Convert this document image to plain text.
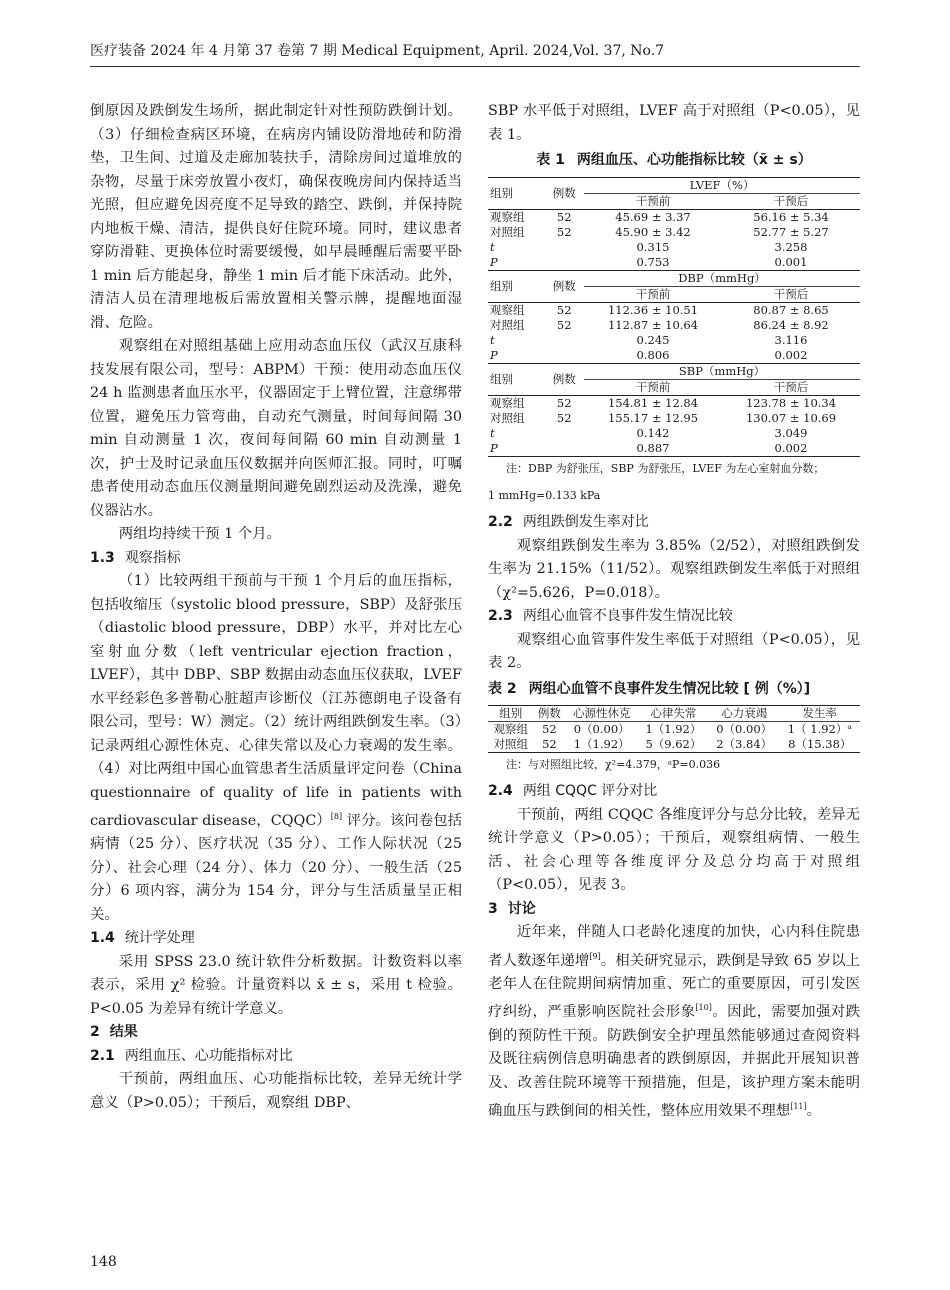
医疗装备 2024 年 4 月第 37 卷第 7 期 Medical Equipment, April. 2024,Vol. 37, No.7

倒原因及跌倒发生场所，据此制定针对性预防跌倒计划。（3）仔细检查病区环境，在病房内铺设防滑地砖和防滑垫，卫生间、过道及走廊加装扶手，清除房间过道堆放的杂物，尽量于床旁放置小夜灯，确保夜晚房间内保持适当光照，但应避免因亮度不足导致的踏空、跌倒，并保持院内地板干燥、清洁，提供良好住院环境。同时，建议患者穿防滑鞋、更换体位时需要缓慢，如早晨睡醒后需要平卧 1 min 后方能起身，静坐 1 min 后才能下床活动。此外，清洁人员在清理地板后需放置相关警示牌，提醒地面湿滑、危险。

观察组在对照组基础上应用动态血压仪（武汉互康科技发展有限公司，型号：ABPM）干预：使用动态血压仪 24 h 监测患者血压水平，仪器固定于上臂位置，注意绑带位置，避免压力管弯曲，自动充气测量，时间每间隔 30 min 自动测量 1 次，夜间每间隔 60 min 自动测量 1 次，护士及时记录血压仪数据并向医师汇报。同时，叮嘱患者使用动态血压仪测量期间避免剧烈运动及洗澡，避免仪器沾水。

两组均持续干预 1 个月。

1.3 观察指标

（1）比较两组干预前与干预 1 个月后的血压指标，包括收缩压（systolic blood pressure，SBP）及舒张压（diastolic blood pressure，DBP）水平，并对比左心室射血分数（left ventricular ejection fraction，LVEF），其中 DBP、SBP 数据由动态血压仪获取，LVEF 水平经彩色多普勒心脏超声诊断仪（江苏德朗电子设备有限公司，型号：W）测定。（2）统计两组跌倒发生率。（3）记录两组心源性休克、心律失常以及心力衰竭的发生率。（4）对比两组中国心血管患者生活质量评定问卷（China questionnaire of quality of life in patients with cardiovascular disease，CQQC）[8] 评分。该问卷包括病情（25 分）、医疗状况（35 分）、工作人际状况（25 分）、社会心理（24 分）、体力（20 分）、一般生活（25 分）6 项内容，满分为 154 分，评分与生活质量呈正相关。

1.4 统计学处理

采用 SPSS 23.0 统计软件分析数据。计数资料以率表示，采用 χ² 检验。计量资料以 x̄ ± s，采用 t 检验。P<0.05 为差异有统计学意义。

2 结果
2.1 两组血压、心功能指标对比

干预前，两组血压、心功能指标比较，差异无统计学意义（P>0.05）；干预后，观察组 DBP、

SBP 水平低于对照组，LVEF 高于对照组（P<0.05），见表 1。

表 1 两组血压、心功能指标比较（x̄ ± s）
组别	例数	LVEF（%）	
		干预前	干预后
观察组	52	45.69 ± 3.37	56.16 ± 5.34
对照组	52	45.90 ± 3.42	52.77 ± 5.27
t		0.315	3.258
P		0.753	0.001
组别	例数	DBP（mmHg）	
		干预前	干预后
观察组	52	112.36 ± 10.51	80.87 ± 8.65
对照组	52	112.87 ± 10.64	86.24 ± 8.92
t		0.245	3.116
P		0.806	0.002
组别	例数	SBP（mmHg）	
		干预前	干预后
观察组	52	154.81 ± 12.84	123.78 ± 10.34
对照组	52	155.17 ± 12.95	130.07 ± 10.69
t		0.142	3.049
P		0.887	0.002
注：DBP 为舒张压，SBP 为舒张压，LVEF 为左心室射血分数；
1 mmHg=0.133 kPa
2.2 两组跌倒发生率对比

观察组跌倒发生率为 3.85%（2/52），对照组跌倒发生率为 21.15%（11/52）。观察组跌倒发生率低于对照组（χ²=5.626，P=0.018）。

2.3 两组心血管不良事件发生情况比较

观察组心血管事件发生率低于对照组（P<0.05），见表 2。

表 2 两组心血管不良事件发生情况比较 [ 例（%）]
组别	例数	心源性休克	心律失常	心力衰竭	发生率
观察组	52	0（0.00）	1（1.92）	0（0.00）	1（ 1.92）ᵃ
对照组	52	1（1.92）	5（9.62）	2（3.84）	8（15.38）
注：与对照组比较，χ²=4.379，ᵃP=0.036
2.4 两组 CQQC 评分对比

干预前，两组 CQQC 各维度评分与总分比较，差异无统计学意义（P>0.05）；干预后，观察组病情、一般生活、社会心理等各维度评分及总分均高于对照组（P<0.05），见表 3。

3 讨论

近年来，伴随人口老龄化速度的加快，心内科住院患者人数逐年递增[9]。相关研究显示，跌倒是导致 65 岁以上老年人在住院期间病情加重、死亡的重要原因，可引发医疗纠纷，严重影响医院社会形象[10]。因此，需要加强对跌倒的预防性干预。防跌倒安全护理虽然能够通过查阅资料及既往病例信息明确患者的跌倒原因，并据此开展知识普及、改善住院环境等干预措施，但是，该护理方案未能明确血压与跌倒间的相关性，整体应用效果不理想[11]。

148
